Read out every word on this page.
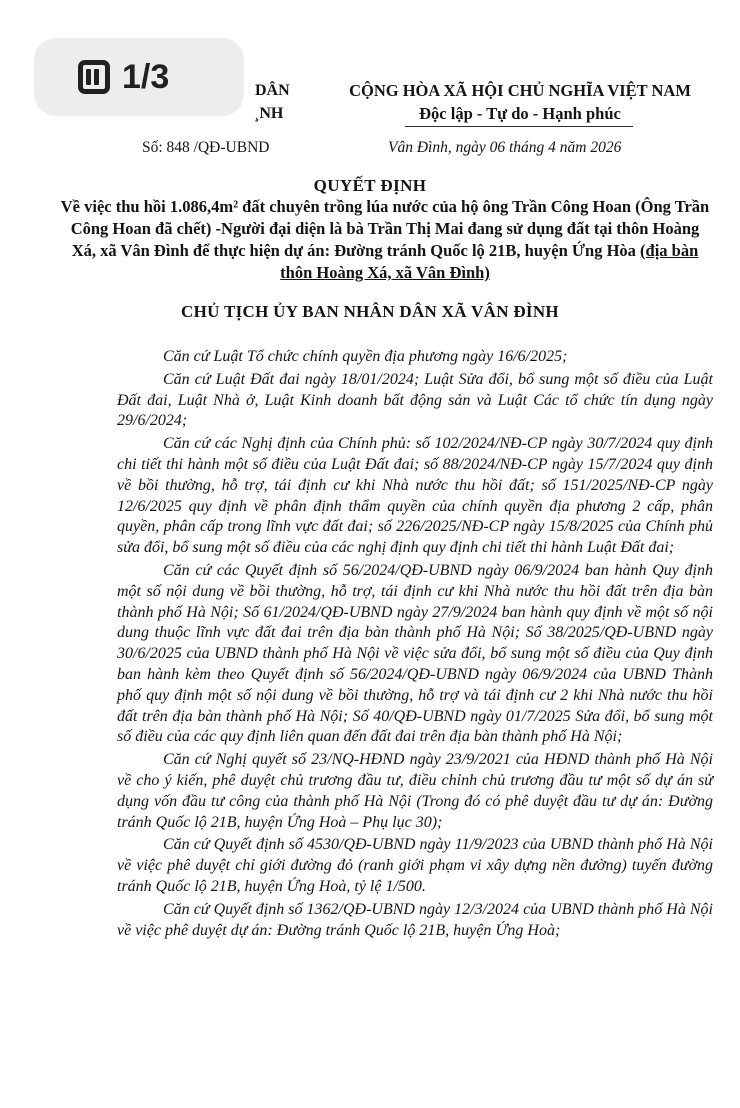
1/3	DÂN
¸NH
CỘNG HÒA XÃ HỘI CHỦ NGHĨA VIỆT NAM
Độc lập - Tự do - Hạnh phúc
Số: 848 /QĐ-UBND	Vân Đình, ngày 06 tháng 4 năm 2026
QUYẾT ĐỊNH
Về việc thu hồi 1.086,4m² đất chuyên trồng lúa nước của hộ ông Trần Công Hoan (Ông Trần Công Hoan đã chết) -Người đại diện là bà Trần Thị Mai đang sử dụng đất tại thôn Hoàng Xá, xã Vân Đình để thực hiện dự án: Đường tránh Quốc lộ 21B, huyện Ứng Hòa (địa bàn thôn Hoàng Xá, xã Vân Đình)
CHỦ TỊCH ỦY BAN NHÂN DÂN XÃ VÂN ĐÌNH

Căn cứ Luật Tổ chức chính quyền địa phương ngày 16/6/2025;

Căn cứ Luật Đất đai ngày 18/01/2024; Luật Sửa đổi, bổ sung một số điều của Luật Đất đai, Luật Nhà ở, Luật Kinh doanh bất động sản và Luật Các tổ chức tín dụng ngày 29/6/2024;

Căn cứ các Nghị định của Chính phủ: số 102/2024/NĐ-CP ngày 30/7/2024 quy định chi tiết thi hành một số điều của Luật Đất đai; số 88/2024/NĐ-CP ngày 15/7/2024 quy định về bồi thường, hỗ trợ, tái định cư khi Nhà nước thu hồi đất; số 151/2025/NĐ-CP ngày 12/6/2025 quy định về phân định thẩm quyền của chính quyền địa phương 2 cấp, phân quyền, phân cấp trong lĩnh vực đất đai; số 226/2025/NĐ-CP ngày 15/8/2025 của Chính phủ sửa đổi, bổ sung một số điều của các nghị định quy định chi tiết thi hành Luật Đất đai;

Căn cứ các Quyết định số 56/2024/QĐ-UBND ngày 06/9/2024 ban hành Quy định một số nội dung về bồi thường, hỗ trợ, tái định cư khi Nhà nước thu hồi đất trên địa bàn thành phố Hà Nội; Số 61/2024/QĐ-UBND ngày 27/9/2024 ban hành quy định về một số nội dung thuộc lĩnh vực đất đai trên địa bàn thành phố Hà Nội; Số 38/2025/QĐ-UBND ngày 30/6/2025 của UBND thành phố Hà Nội về việc sửa đổi, bổ sung một số điều của Quy định ban hành kèm theo Quyết định số 56/2024/QĐ-UBND ngày 06/9/2024 của UBND Thành phố quy định một số nội dung về bồi thường, hỗ trợ và tái định cư 2 khi Nhà nước thu hồi đất trên địa bàn thành phố Hà Nội; Số 40/QĐ-UBND ngày 01/7/2025 Sửa đổi, bổ sung một số điều của các quy định liên quan đến đất đai trên địa bàn thành phố Hà Nội;

Căn cứ Nghị quyết số 23/NQ-HĐND ngày 23/9/2021 của HĐND thành phố Hà Nội về cho ý kiến, phê duyệt chủ trương đầu tư, điều chỉnh chủ trương đầu tư một số dự án sử dụng vốn đầu tư công của thành phố Hà Nội (Trong đó có phê duyệt đầu tư dự án: Đường tránh Quốc lộ 21B, huyện Ứng Hoà – Phụ lục 30);

Căn cứ Quyết định số 4530/QĐ-UBND ngày 11/9/2023 của UBND thành phố Hà Nội về việc phê duyệt chỉ giới đường đỏ (ranh giới phạm vi xây dựng nền đường) tuyến đường tránh Quốc lộ 21B, huyện Ứng Hoà, tỷ lệ 1/500.

Căn cứ Quyết định số 1362/QĐ-UBND ngày 12/3/2024 của UBND thành phố Hà Nội về việc phê duyệt dự án: Đường tránh Quốc lộ 21B, huyện Ứng Hoà;
